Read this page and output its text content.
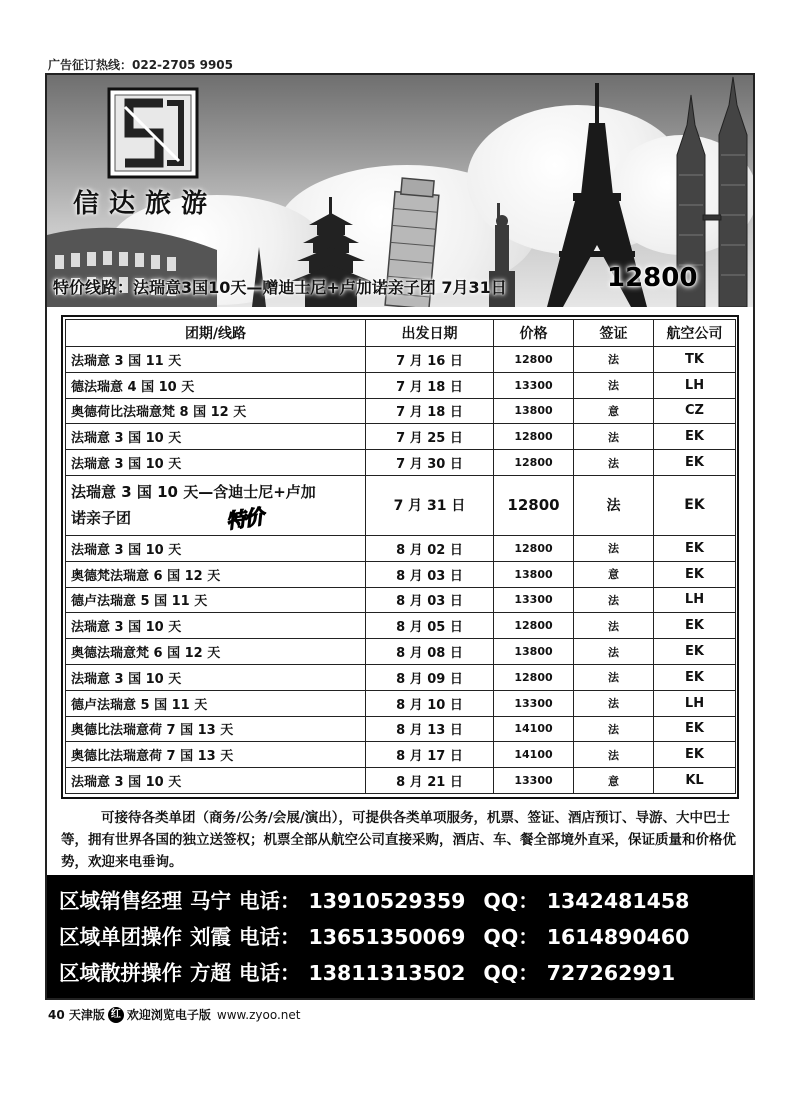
广告征订热线：022-2705 9905
信达旅游
特价线路：法瑞意3国10天—赠迪士尼+卢加诺亲子团 7月31日	12800
团期/线路	出发日期	价格	签证	航空公司
法瑞意 3 国 11 天	7 月 16 日	12800	法	TK
德法瑞意 4 国 10 天	7 月 18 日	13300	法	LH
奥德荷比法瑞意梵 8 国 12 天	7 月 18 日	13800	意	CZ
法瑞意 3 国 10 天	7 月 25 日	12800	法	EK
法瑞意 3 国 10 天	7 月 30 日	12800	法	EK

法瑞意 3 国 10 天—含迪士尼+卢加
诺亲子团 特价	7 月 31 日	12800	法	EK
法瑞意 3 国 10 天	8 月 02 日	12800	法	EK
奥德梵法瑞意 6 国 12 天	8 月 03 日	13800	意	EK
德卢法瑞意 5 国 11 天	8 月 03 日	13300	法	LH
法瑞意 3 国 10 天	8 月 05 日	12800	法	EK
奥德法瑞意梵 6 国 12 天	8 月 08 日	13800	法	EK
法瑞意 3 国 10 天	8 月 09 日	12800	法	EK
德卢法瑞意 5 国 11 天	8 月 10 日	13300	法	LH
奥德比法瑞意荷 7 国 13 天	8 月 13 日	14100	法	EK
奥德比法瑞意荷 7 国 13 天	8 月 17 日	14100	法	EK
法瑞意 3 国 10 天	8 月 21 日	13300	意	KL

可接待各类单团（商务/公务/会展/演出），可提供各类单项服务，机票、签证、酒店预订、导游、大中巴士等，拥有世界各国的独立送签权；机票全部从航空公司直接采购，酒店、车、餐全部境外直采，保证质量和价格优势，欢迎来电垂询。

区域销售经理 马宁 电话： 13910529359 QQ： 1342481458
区域单团操作 刘霞 电话： 13651350069 QQ： 1614890460
区域散拼操作 方超 电话： 13811313502 QQ： 727262991
40
天津版 红 欢迎浏览电子版 www.zyoo.net
